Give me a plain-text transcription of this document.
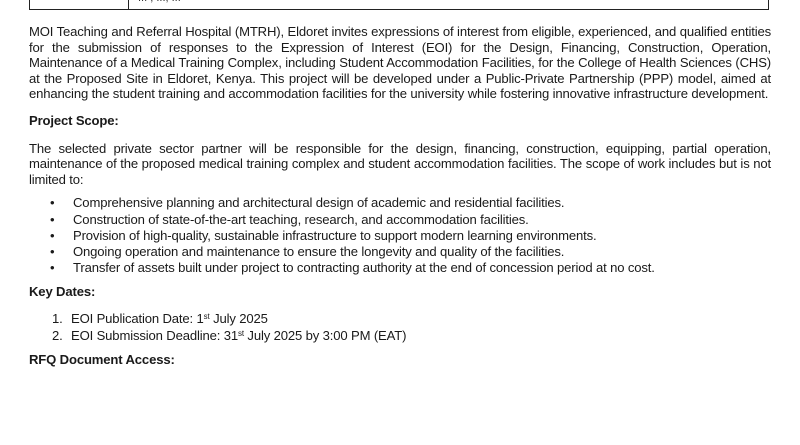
MOI Teaching and Referral Hospital (MTRH), Eldoret invites expressions of interest from eligible, experienced, and qualified entities for the submission of responses to the Expression of Interest (EOI) for the Design, Financing, Construction, Operation, Maintenance of a Medical Training Complex, including Student Accommodation Facilities, for the College of Health Sciences (CHS) at the Proposed Site in Eldoret, Kenya. This project will be developed under a Public-Private Partnership (PPP) model, aimed at enhancing the student training and accommodation facilities for the university while fostering innovative infrastructure development.

Project Scope:

The selected private sector partner will be responsible for the design, financing, construction, equipping, partial operation, maintenance of the proposed medical training complex and student accommodation facilities. The scope of work includes but is not limited to:

• Comprehensive planning and architectural design of academic and residential facilities.
• Construction of state-of-the-art teaching, research, and accommodation facilities.
• Provision of high-quality, sustainable infrastructure to support modern learning environments.
• Ongoing operation and maintenance to ensure the longevity and quality of the facilities.
• Transfer of assets built under project to contracting authority at the end of concession period at no cost.

Key Dates:

1. EOI Publication Date: 1st July 2025
2. EOI Submission Deadline: 31st July 2025 by 3:00 PM (EAT)

RFQ Document Access:
